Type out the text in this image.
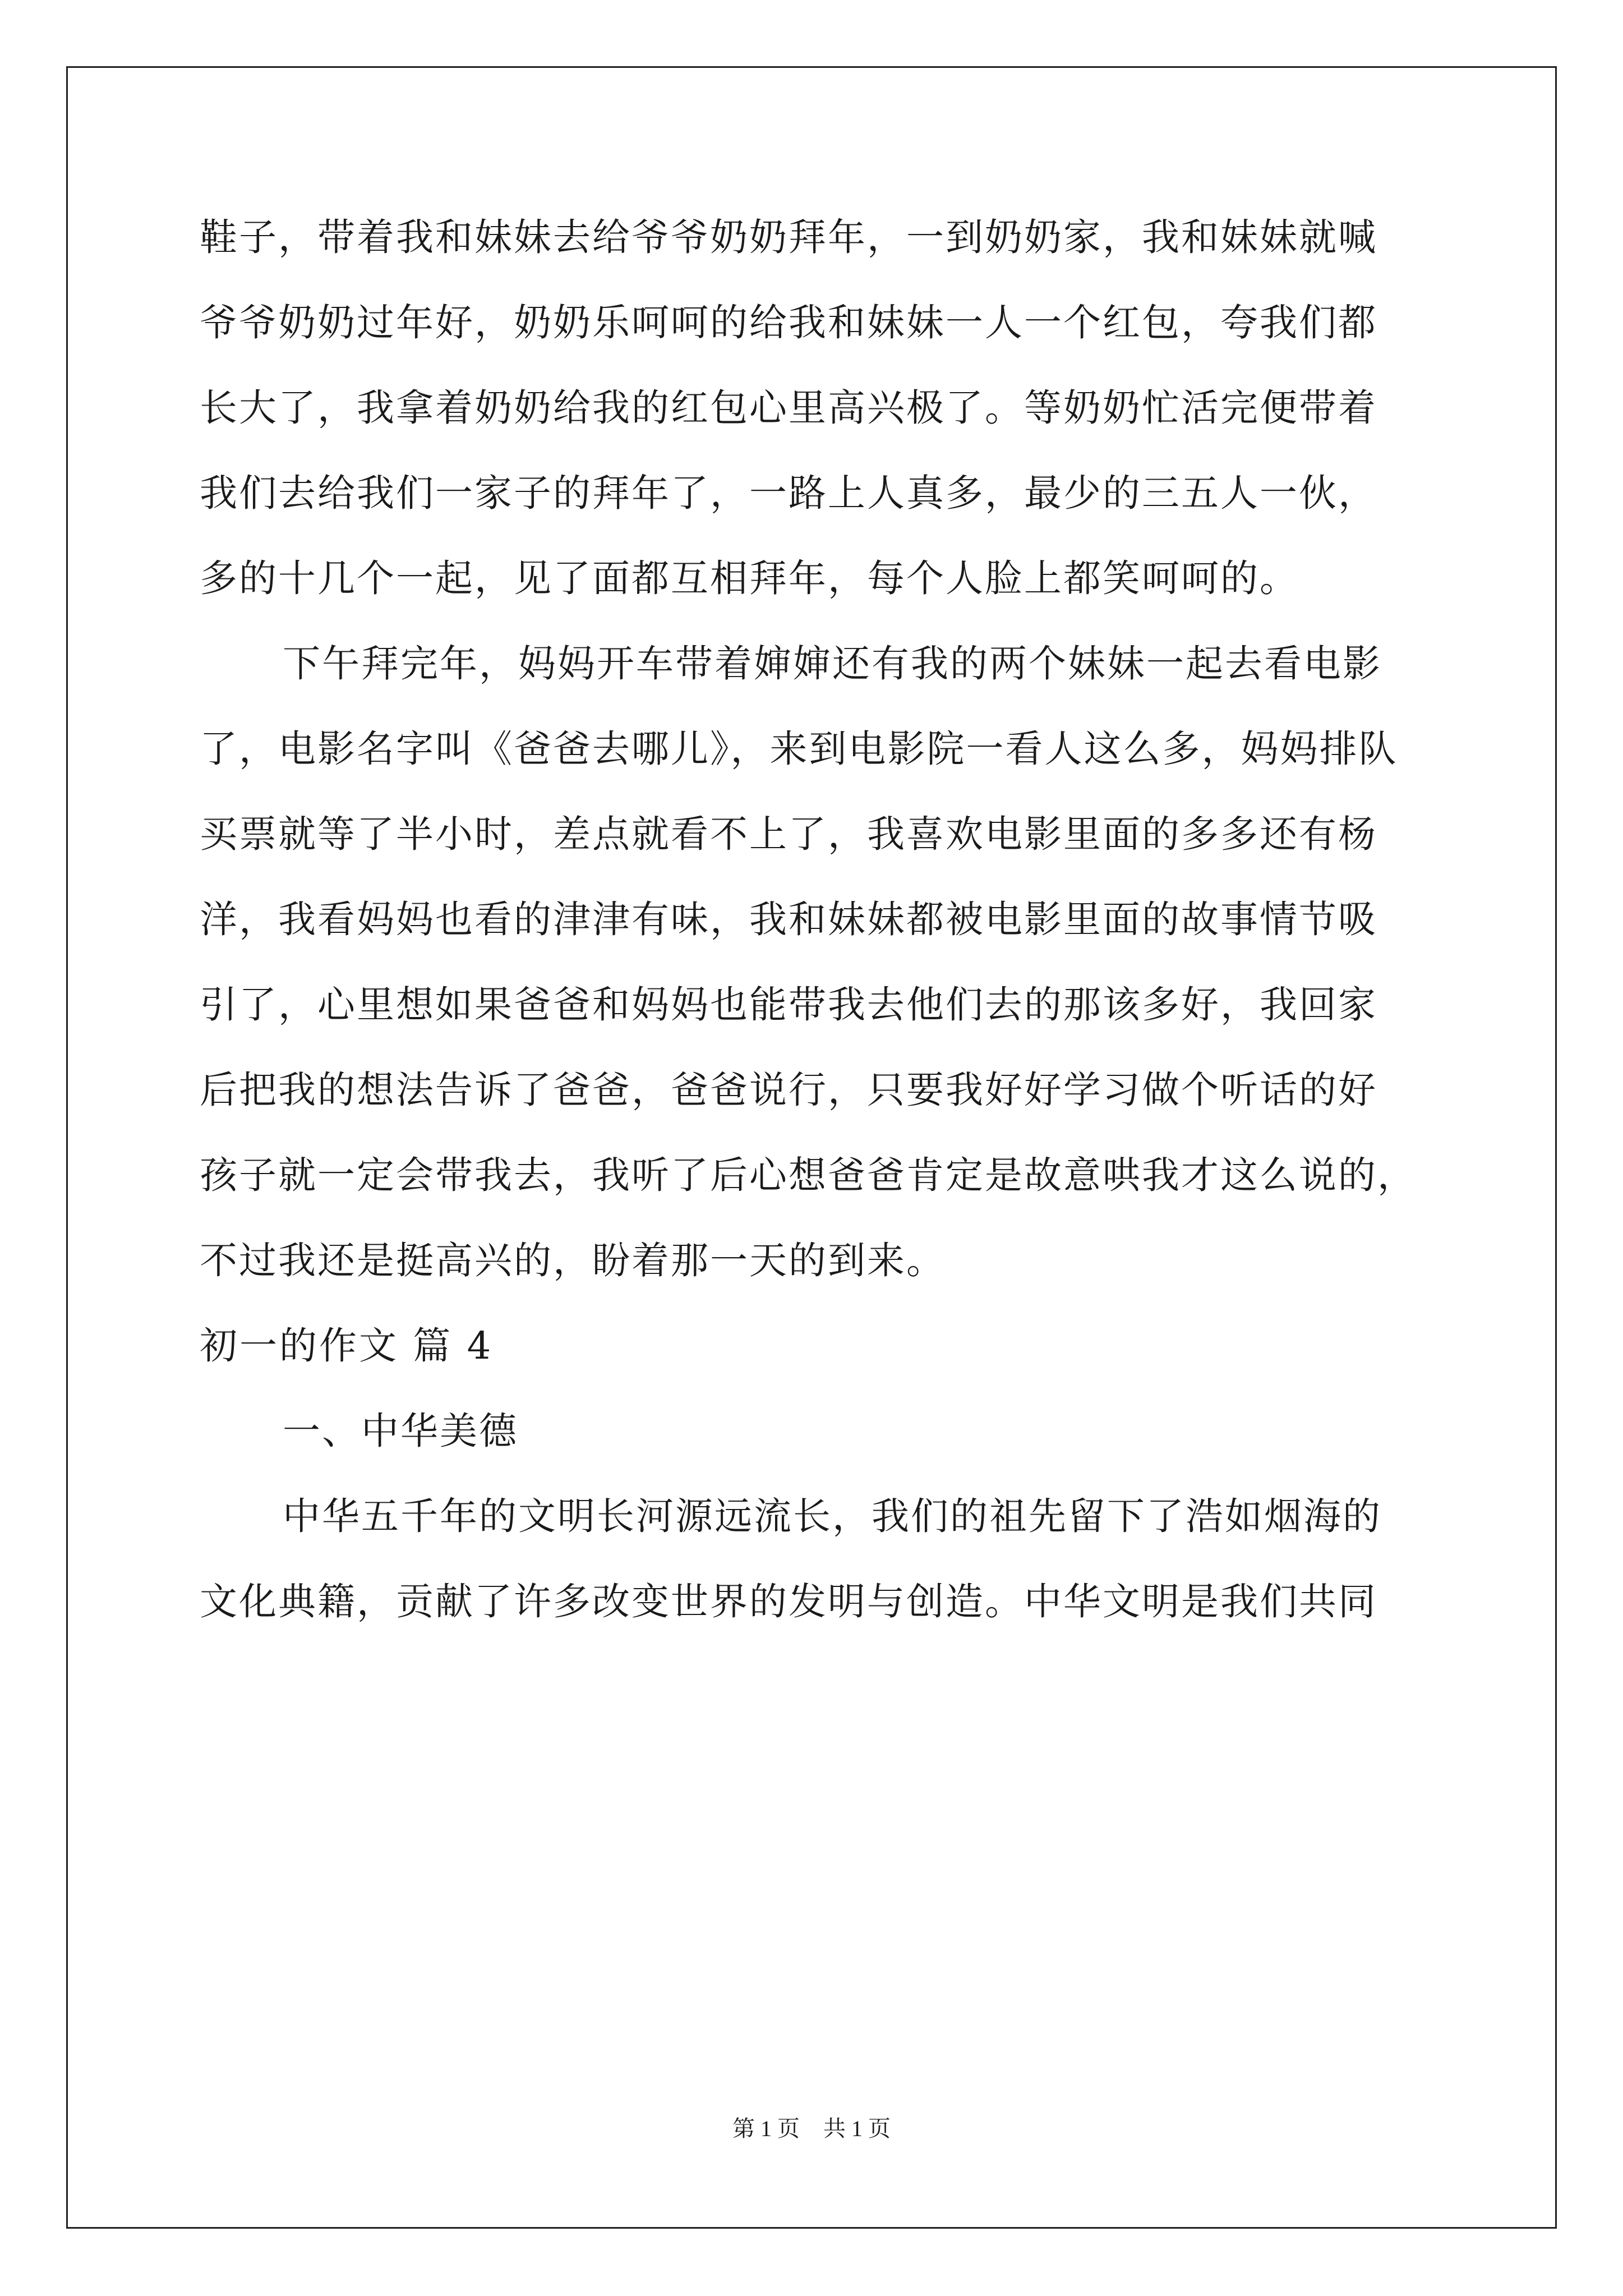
鞋子，带着我和妹妹去给爷爷奶奶拜年，一到奶奶家，我和妹妹就喊
爷爷奶奶过年好，奶奶乐呵呵的给我和妹妹一人一个红包，夸我们都
长大了，我拿着奶奶给我的红包心里高兴极了。等奶奶忙活完便带着
我们去给我们一家子的拜年了，一路上人真多，最少的三五人一伙，
多的十几个一起，见了面都互相拜年，每个人脸上都笑呵呵的。
下午拜完年，妈妈开车带着婶婶还有我的两个妹妹一起去看电影
了，电影名字叫《爸爸去哪儿》，来到电影院一看人这么多，妈妈排队
买票就等了半小时，差点就看不上了，我喜欢电影里面的多多还有杨
洋，我看妈妈也看的津津有味，我和妹妹都被电影里面的故事情节吸
引了，心里想如果爸爸和妈妈也能带我去他们去的那该多好，我回家
后把我的想法告诉了爸爸，爸爸说行，只要我好好学习做个听话的好
孩子就一定会带我去，我听了后心想爸爸肯定是故意哄我才这么说的，
不过我还是挺高兴的，盼着那一天的到来。
初一的作文 篇 4
一、中华美德
中华五千年的文明长河源远流长，我们的祖先留下了浩如烟海的
文化典籍，贡献了许多改变世界的发明与创造。中华文明是我们共同
第 1 页 共 1 页
